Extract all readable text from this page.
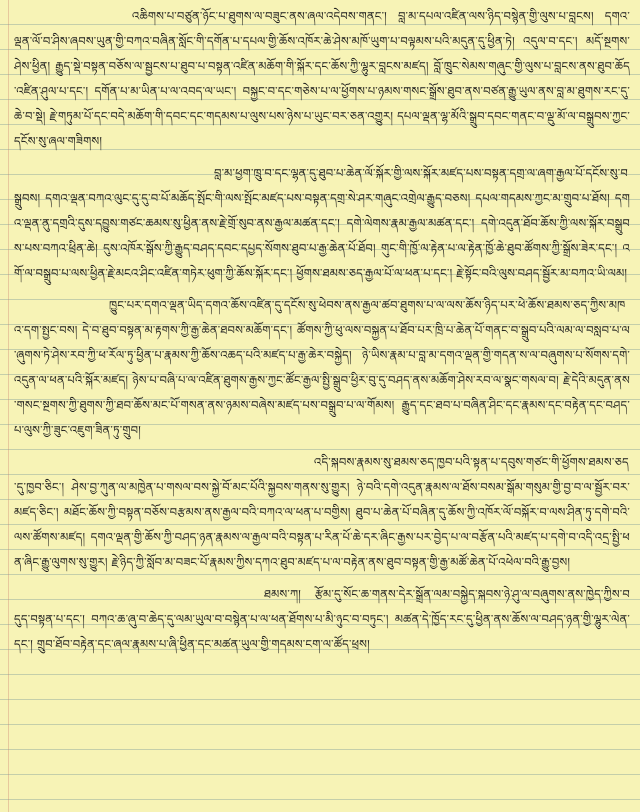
འཆིགས་པ་བཙུན་ཉོང་པ་ཐུགས་ལ་བཟུང་ནས་ཞལ་འདེབས་གནང་། བླ་མ་དཔལ་འཛིན་ལས་ཉིད་བསྙེན་གྱི་ལུས་པ་བླངས། དགའ་ལྡན་ལོ་བ་ཤིས་ཞབས་ཡུན་གྱི་བཀའ་བཞིན་སློང་གི་དགོན་པ་དཔལ་གྱི་ཆོས་འཁོར་ཆེ་ཤེས་མཁོ་ཡུག་པ་བལྟམས་པའི་མདུན་དུ་ཕྱིན་ཏེ། འདུལ་བ་དང་། མདོ་སྔགས་ཤེས་ཕྱིན། རྒྱུད་སྡེ་བསྟན་བཅོས་ལ་སྦྱངས་པ་ཐུབ་པ་བསྟན་འཛིན་མཆོག་གི་སྐོར་དང་ཆོས་ཀྱི་ལྷུར་བླངས་མཛད། བློ་ཁྲུང་སེམས་གཞུང་གྱི་ལུས་པ་བླངས་ནས་ཐུབ་ཆོད་འཛིན་ཤུལ་པ་དང་། དགོན་པ་མ་ཡིན་པ་ལ་འབད་ལ་ཡང་། བསྐྱང་བ་དང་གཅེས་པ་ལ་ཕྱོགས་པ་ཉམས་གསང་སྒྲོས་ཐུབ་ནས་བཙན་རྒྱུ་ཡུལ་ནས་བླ་མ་ཐུགས་རང་དུ་ཆེ་བ་སྡེ། རྗེ་གཏུམ་པོ་དང་བདེ་མཆོག་གི་དབང་དང་གདམས་པ་ལུས་པས་ཉེས་པ་ཡུང་བར་ཅན་འགྱུར། དཔལ་ལྡན་ལྷ་མོའི་སྒྲུབ་དབང་གནང་བ་ལྡུ་མོ་ལ་བསྒྲུབས་ཀྱང་དངོས་སུ་ཞལ་གཟིགས།

བླ་མ་ཕྱག་ཁྲུ་བ་དང་ལྷན་དུ་ཐུབ་པ་ཆེན་ལོ་སྐོར་གྱི་ལས་སྐོར་མཛད་པས་བསྟན་དགྲ་ལ་ཞག་རྒྱལ་པོ་དངོས་སུ་བསྒྲུབས། དགའ་ལྡན་བཀའ་ལུང་དུ་དུ་བ་པོ་མཆོད་སྤོང་གི་ལས་སྤོང་མཛད་པས་བསྟན་དགྲ་སེ་ཤར་གཞུང་འགྲེལ་རྒྱུད་བཅས། དཔལ་གདམས་ཀྱང་མ་གྲུབ་པ་ཐོས། དགའ་ལྡན་ནུ་དགྲའི་དུས་དབྱུས་གཙང་ཆམས་སུ་ཕྱིན་ནས་རྗེ་གྲོ་སུབ་ནས་རྒྱལ་མཚན་དང་། དགེ་ལེགས་རྣམ་རྒྱལ་མཚན་དང་། དགེ་འདུན་ཐོབ་ཆོས་ཀྱི་ལས་སྐོར་བསྒྲུབས་པས་བཀའ་ཕྲིན་ཆེ། དུས་འཁོར་སྒོས་ཀྱི་རྒྱུད་བཤད་དབང་དཔྱད་སོགས་ཐུབ་པ་རྒྱ་ཆེན་པོ་ཐོབ། གུང་གི་ཁྱོ་ལ་རྟེན་པ་ལ་རྟེན་ཁྱོ་ཆེ་ཐུབ་ཚོགས་ཀྱི་སྒྲོས་ཟེར་དང་། འགོ་ལ་བསྒྲུབ་པ་ལས་ཕྱིན་རྗེ་མངའ་ཤིང་འཛིན་གཏེར་ཕུག་ཀྱི་ཆོས་སྐོར་དང་། ཕྱོགས་ཐམས་ཅད་རྒྱལ་པོ་ལ་ཕན་པ་དང་། རྗེ་སྟོང་བའི་ལུས་བཤད་སྦྱོར་མ་བཀའ་ཡི་ལམ།

ཁྱུང་པར་དགའ་ལྡན་ཡིད་དགའ་ཆོས་འཛིན་དུ་དངོས་སུ་ཕེབས་ནས་རྒྱལ་ཚབ་ཐུགས་པ་ལ་ལས་ཆོས་ཉིད་པར་ཕེ་ཆོས་ཐམས་ཅད་ཀྱིས་མཁའ་དག་སྤྱང་བས། དེ་བ་ཐུབ་བསྟན་མ་རྟགས་ཀྱི་རྒྱ་ཆེན་ཐབས་མཆོག་དང་། ཚོགས་ཀྱི་ཕུ་ལས་བསྐྱན་པ་ཐོབ་པར་ཁྲི་པ་ཆེན་པོ་གནང་བ་སྒྲུབ་པའི་ལམ་ལ་བསླབ་པ་ལ་ཞུགས་ཏེ་ཤེས་རབ་ཀྱི་ཕ་རོལ་ཏུ་ཕྱིན་པ་རྣམས་ཀྱི་ཆོས་འཆད་པའི་མཛད་པ་རྒྱ་ཆེར་བསྐྱེད། ཉེ་ཡིས་རྣམ་པ་བླ་མ་དགའ་ལྡན་གྱི་གདན་ས་ལ་བཞུགས་པ་སོགས་དགེ་འདུན་ལ་ཕན་པའི་སྐོར་མཛད། ཉེས་པ་བཞི་པ་ལ་འཛིན་ཐུགས་རྒྱས་ཀྱང་ཚོང་རྒྱལ་སྤྱི་སྒྲུབ་ཕྱིར་བུ་དུ་བཤད་ནས་མཆོག་ཤེས་རབ་ལ་སྣང་གསལ་བ། རྗེ་དེའི་མདུན་ནས་གསང་སྔགས་ཀྱི་ཐུགས་ཀྱི་ཐབ་ཆོས་མང་པོ་གསན་ནས་ཉམས་བཞེས་མཛད་པས་བསྒྲུབ་པ་ལ་གོམས། རྒྱུད་དང་ཐབ་པ་བཞིན་ཤིང་དང་རྣམས་དང་བརྟེན་དང་བཤད་པ་ལུས་ཀྱི་ཟུང་འཇུག་ཟིན་ཏུ་གྲུབ།

འདི་སྐབས་རྣམས་སུ་ཐམས་ཅད་ཁྱབ་པའི་སྟན་པ་དབུས་གཙང་གི་ཕྱོགས་ཐམས་ཅད་དུ་ཁྱབ་ཅིང་། ཤེས་བྱ་ཀུན་ལ་མཁྱེན་པ་གསལ་བས་སྐྱེ་བོ་མང་པོའི་སྐྱབས་གནས་སུ་གྱུར། ཉེ་བའི་དགེ་འདུན་རྣམས་ལ་ཐོས་བསམ་སྒོམ་གསུམ་གྱི་བྱ་བ་ལ་སྦྱོར་བར་མཛད་ཅིང་། མཐོང་ཆོས་ཀྱི་བསྟན་བཅོས་བརྩམས་ནས་རྒྱལ་བའི་བཀའ་ལ་ཕན་པ་བགྱིས། ཐུབ་པ་ཆེན་པོ་བཞིན་དུ་ཆོས་ཀྱི་འཁོར་ལོ་བསྐོར་བ་ལས་ཤིན་ཏུ་དགེ་བའི་ལས་ཚོགས་མཛད། དགའ་ལྡན་གྱི་ཆོས་ཀྱི་བཤད་ཉན་རྣམས་ལ་རྒྱལ་བའི་བསྟན་པ་རིན་པོ་ཆེ་དར་ཞིང་རྒྱས་པར་བྱེད་པ་ལ་བརྩོན་པའི་མཛད་པ་དགེ་བ་འདི་འདྲ་སྤྱི་ཕན་ཞིང་རྒྱུ་ལུགས་སུ་གྱུར། རྗེ་ཉིད་ཀྱི་སློབ་མ་བཟང་པོ་རྣམས་ཀྱིས་དཀའ་ཐུབ་མཛད་པ་ལ་བརྟེན་ནས་ཐུབ་བསྟན་གྱི་རྒྱ་མཚོ་ཆེན་པོ་འཕེལ་བའི་རྒྱུ་བྱས།

ཐམས་ཀ། རྩོམ་དུ་སོང་ཆ་གནས་དེར་སྒྲོན་ལམ་བསྐྱེད་སྐབས་ཉེ་ཤུ་ལ་བཞུགས་ནས་ཁྱེད་ཀྱིས་བདུད་བསྟན་པ་དང་། བཀའ་ཆ་ཞུ་བ་ཆེད་དུ་ལམ་ཡུལ་བ་བསྙེན་པ་ལ་ཕན་ཐོགས་པ་མི་ཉུང་བ་བཏུང་། མཚན་དེ་ཁྱོད་རང་དུ་ཕྱིན་ནས་ཆོས་ལ་བཤད་ཉན་གྱི་ལྷུར་ལེན་དང་། གྲུབ་ཐོབ་བརྟེན་དང་ཞལ་རྣམས་པ་ཞི་ཕྱིན་དང་མཚན་ཡུལ་གྱི་གདམས་ངག་ལ་ཚོད་ཕྲས།
